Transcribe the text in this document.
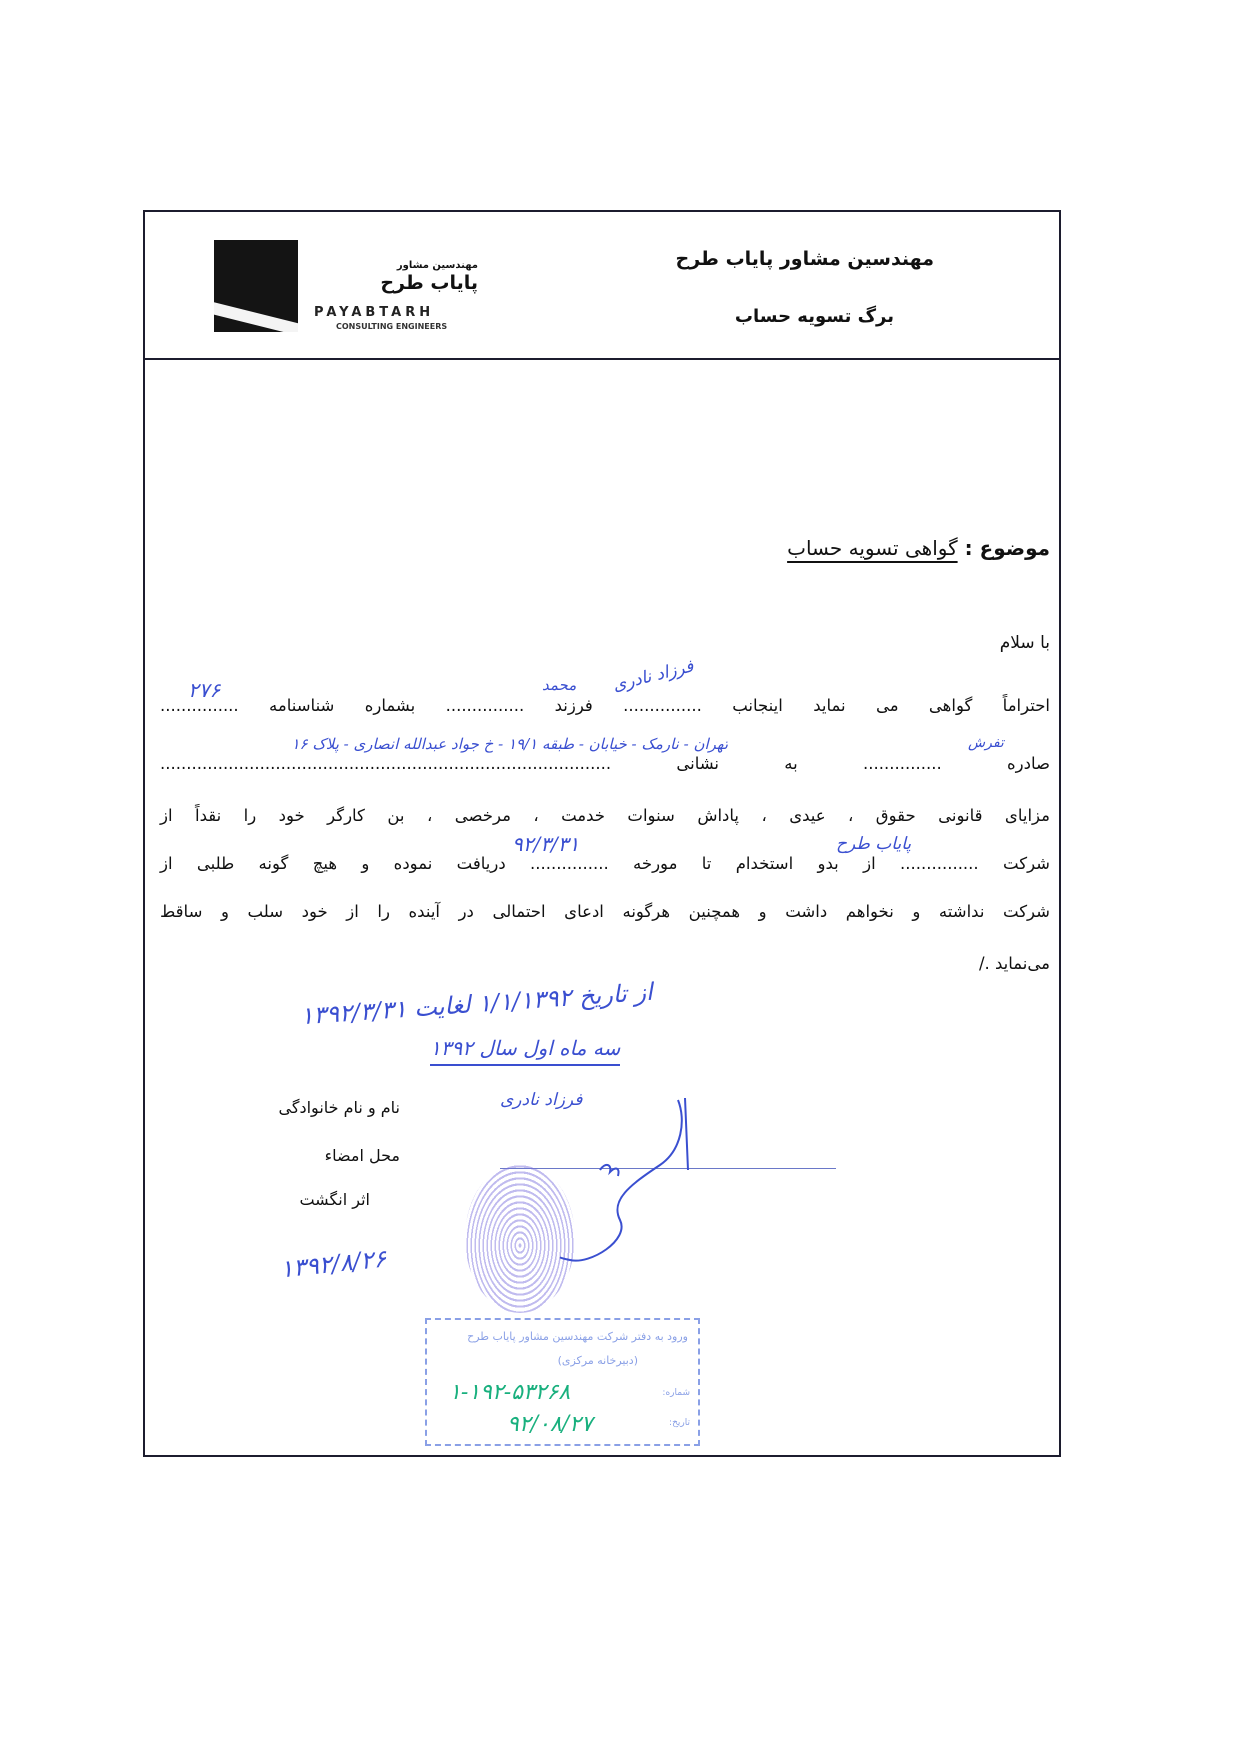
مهندسین مشاور
پایاب طرح
PAYABTARH
CONSULTING ENGINEERS
مهندسین مشاور پایاب طرح
برگ تسویه حساب
موضوع : گواهی تسویه حساب
با سلام
احتراماً گواهی می نماید اینجانب ............... فرزند ............... بشماره شناسنامه ...............
صادره ............... به نشانی ......................................................................................
مزایای قانونی حقوق ، عیدی ، پاداش سنوات خدمت ، مرخصی ، بن کارگر خود را نقداً از
شرکت ............... از بدو استخدام تا مورخه ............... دریافت نموده و هیچ گونه طلبی از
شرکت نداشته و نخواهم داشت و همچنین هرگونه ادعای احتمالی در آینده را از خود سلب و ساقط
می‌نماید ./
فرزاد نادری
محمد
۲۷۶
تفرش
تهران - نارمک - خیابان - طبقه ۱۹/۱ - خ جواد عبدالله انصاری - پلاک ۱۶
پایاب طرح
۹۲/۳/۳۱
از تاریخ ۱/۱/۱۳۹۲ لغایت ۱۳۹۲/۳/۳۱
سه ماه اول سال ۱۳۹۲
فرزاد نادری
۱۳۹۲/۸/۲۶
نام و نام خانوادگی
محل امضاء
اثر انگشت
ورود به دفتر شرکت مهندسین مشاور پایاب طرح
(دبیرخانه مرکزی)
شماره:
تاریخ:
۱-۱۹۲-۵۳۲۶۸
۹۲/۰۸/۲۷
